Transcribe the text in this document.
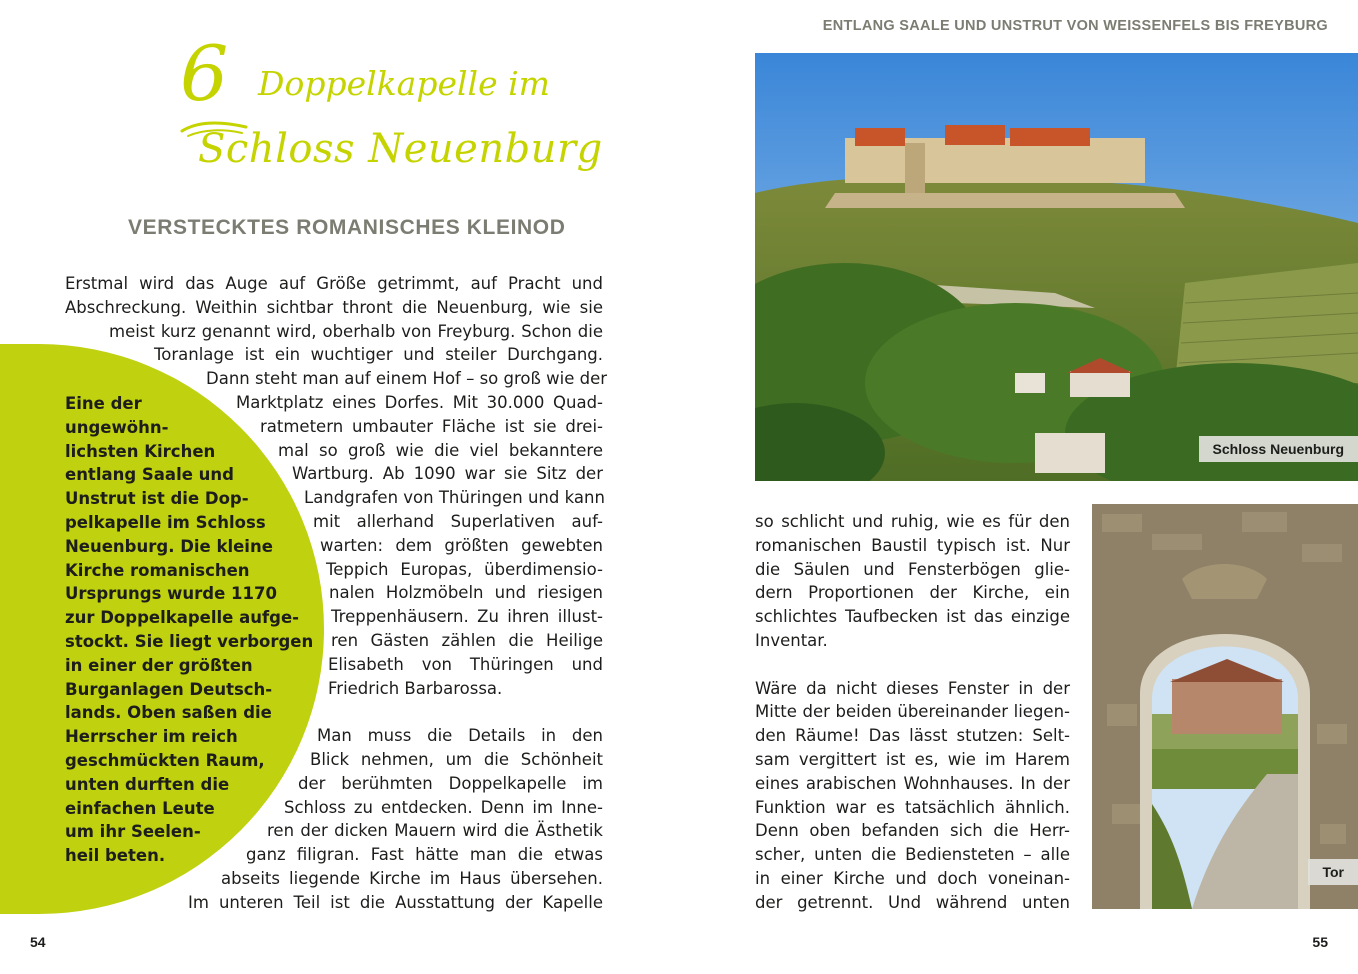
Eine der
ungewöhn-
lichsten Kirchen
entlang Saale und
Unstrut ist die Dop-
pelkapelle im Schloss
Neuenburg. Die kleine
Kirche romanischen
Ursprungs wurde 1170
zur Doppelkapelle aufge-
stockt. Sie liegt verborgen
in einer der größten
Burganlagen Deutsch-
lands. Oben saßen die
Herrscher im reich
geschmückten Raum,
unten durften die
einfachen Leute
um ihr Seelen-
heil beten.

6 Doppelkapelle im
Schloss Neuenburg
VERSTECKTES ROMANISCHES KLEINOD
Erstmal wird das Auge auf Größe getrimmt, auf Pracht und
Abschreckung. Weithin sichtbar thront die Neuenburg, wie sie
meist kurz genannt wird, oberhalb von Freyburg. Schon die
Toranlage ist ein wuchtiger und steiler Durchgang.
Dann steht man auf einem Hof – so groß wie der
Marktplatz eines Dorfes. Mit 30.000 Quad-
ratmetern umbauter Fläche ist sie drei-
mal so groß wie die viel bekanntere
Wartburg. Ab 1090 war sie Sitz der
Landgrafen von Thüringen und kann
mit allerhand Superlativen auf-
warten: dem größten gewebten
Teppich Europas, überdimensio-
nalen Holzmöbeln und riesigen
Treppenhäusern. Zu ihren illust-
ren Gästen zählen die Heilige
Elisabeth von Thüringen und
Friedrich Barbarossa.
Man muss die Details in den
Blick nehmen, um die Schönheit
der berühmten Doppelkapelle im
Schloss zu entdecken. Denn im Inne-
ren der dicken Mauern wird die Ästhetik
ganz filigran. Fast hätte man die etwas
abseits liegende Kirche im Haus übersehen.
Im unteren Teil ist die Ausstattung der Kapelle
54
ENTLANG SAALE UND UNSTRUT VON WEISSENFELS BIS FREYBURG
Schloss Neuenburg
so schlicht und ruhig, wie es für den
romanischen Baustil typisch ist. Nur
die Säulen und Fensterbögen glie-
dern Proportionen der Kirche, ein
schlichtes Taufbecken ist das einzige
Inventar.
Wäre da nicht dieses Fenster in der
Mitte der beiden übereinander liegen-
den Räume! Das lässt stutzen: Selt-
sam vergittert ist es, wie im Harem
eines arabischen Wohnhauses. In der
Funktion war es tatsächlich ähnlich.
Denn oben befanden sich die Herr-
scher, unten die Bediensteten – alle
in einer Kirche und doch voneinan-
der getrennt. Und während unten
Tor
55
